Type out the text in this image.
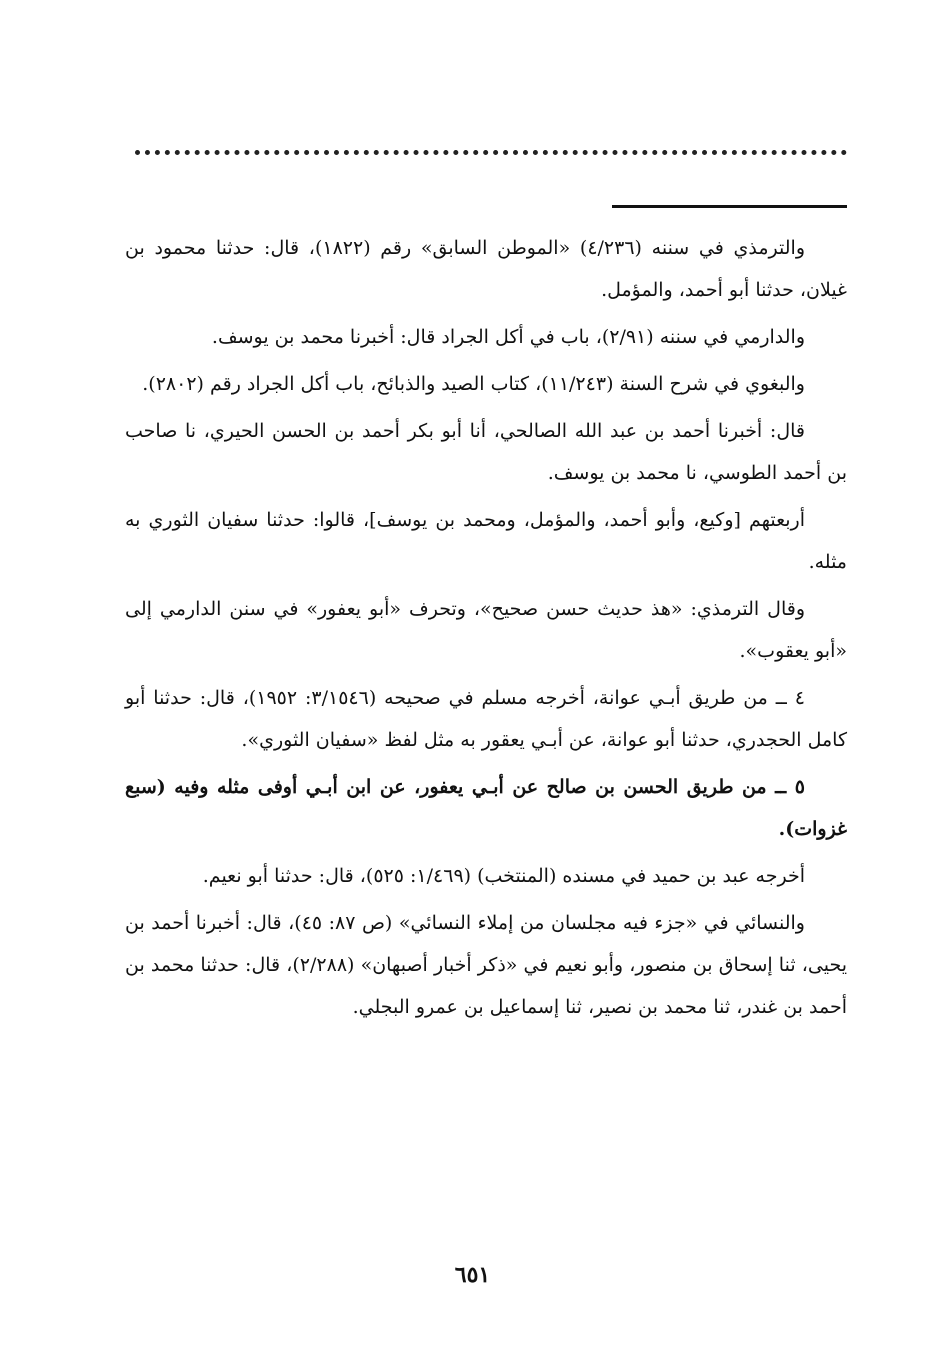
والترمذي في سننه (٤/٢٣٦) «الموطن السابق» رقم (١٨٢٢)، قال: حدثنا محمود بن غيلان، حدثنا أبو أحمد، والمؤمل.

والدارمي في سننه (٢/٩١)، باب في أكل الجراد قال: أخبرنا محمد بن يوسف.

والبغوي في شرح السنة (١١/٢٤٣)، كتاب الصيد والذبائح، باب أكل الجراد رقم (٢٨٠٢).

قال: أخبرنا أحمد بن عبد الله الصالحي، أنا أبو بكر أحمد بن الحسن الحيري، نا صاحب بن أحمد الطوسي، نا محمد بن يوسف.

أربعتهم [وكيع، وأبو أحمد، والمؤمل، ومحمد بن يوسف]، قالوا: حدثنا سفيان الثوري به مثله.

وقال الترمذي: «هذ حديث حسن صحيح»، وتحرف «أبو يعفور» في سنن الدارمي إلى «أبو يعقوب».

٤ ــ من طريق أبـي عوانة، أخرجه مسلم في صحيحه (٣/١٥٤٦: ١٩٥٢)، قال: حدثنا أبو كامل الحجدري، حدثنا أبو عوانة، عن أبـي يعقور به مثل لفظ «سفيان الثوري».

٥ ــ من طريق الحسن بن صالح عن أبـي يعفور، عن ابن أبـي أوفى مثله وفيه (سبع غزوات).

أخرجه عبد بن حميد في مسنده (المنتخب) (١/٤٦٩: ٥٢٥)، قال: حدثنا أبو نعيم.

والنسائي في «جزء فيه مجلسان من إملاء النسائي» (ص ٨٧: ٤٥)، قال: أخبرنا أحمد بن يحيى، ثنا إسحاق بن منصور، وأبو نعيم في «ذكر أخبار أصبهان» (٢/٢٨٨)، قال: حدثنا محمد بن أحمد بن غندر، ثنا محمد بن نصير، ثنا إسماعيل بن عمرو البجلي.

٦٥١
